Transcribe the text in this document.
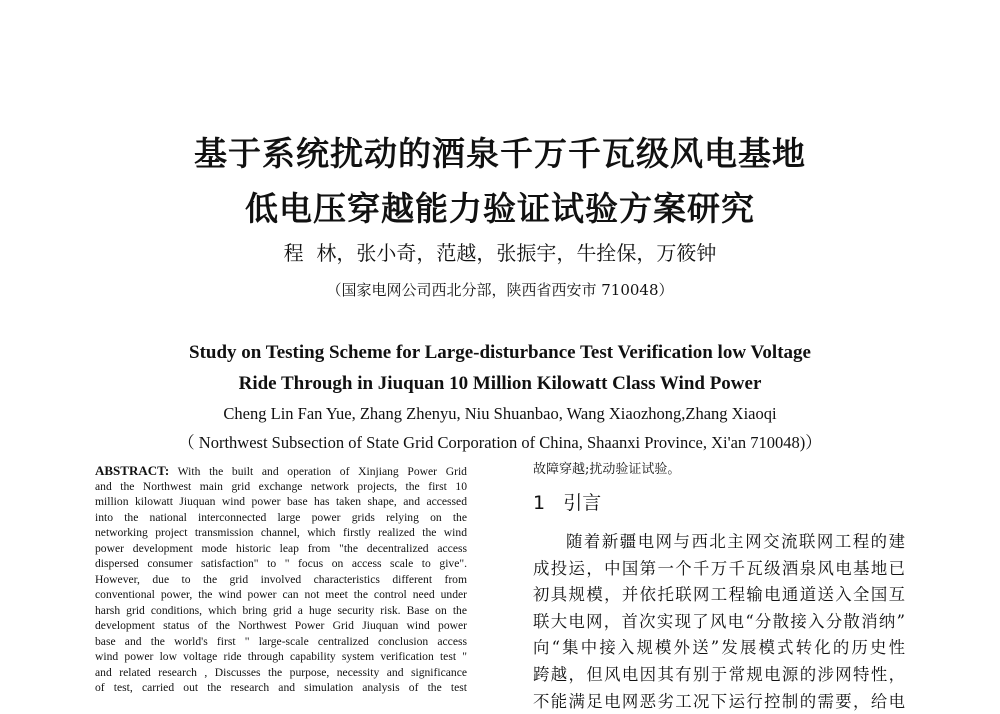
基于系统扰动的酒泉千万千瓦级风电基地
低电压穿越能力验证试验方案研究
程  林，张小奇，范越，张振宇，牛拴保，万筱钟
（国家电网公司西北分部，陕西省西安市 710048）
Study on Testing Scheme for Large-disturbance Test Verification low Voltage
Ride Through in Jiuquan 10 Million Kilowatt Class Wind Power
Cheng Lin Fan Yue, Zhang Zhenyu, Niu Shuanbao, Wang Xiaozhong,Zhang Xiaoqi
（ Northwest Subsection of State Grid Corporation of China, Shaanxi Province, Xi'an 710048)）
ABSTRACT: With the built and operation of Xinjiang Power Grid
and the Northwest main grid exchange network projects, the first 10
million kilowatt Jiuquan wind power base has taken shape, and accessed
into the national interconnected large power grids relying on the
networking project transmission channel, which firstly realized the wind
power development mode historic leap from "the decentralized access
dispersed consumer satisfaction" to " focus on access scale to give".
However, due to the grid involved characteristics different from
conventional power, the wind power can not meet the control need under
harsh grid conditions, which bring grid a huge security risk. Base on the
development status of the Northwest Power Grid Jiuquan wind power
base and the world's first " large-scale centralized conclusion access
wind power low voltage ride through capability system verification test "
and related research , Discusses the purpose, necessity and significance
of test, carried out the research and simulation analysis of the test
故障穿越;扰动验证试验。
1   引言
随着新疆电网与西北主网交流联网工程的建
成投运，中国第一个千万千瓦级酒泉风电基地已
初具规模，并依托联网工程输电通道送入全国互
联大电网，首次实现了风电“分散接入分散消纳”
向“集中接入规模外送”发展模式转化的历史性
跨越，但风电因其有别于常规电源的涉网特性，
不能满足电网恶劣工况下运行控制的需要，给电
